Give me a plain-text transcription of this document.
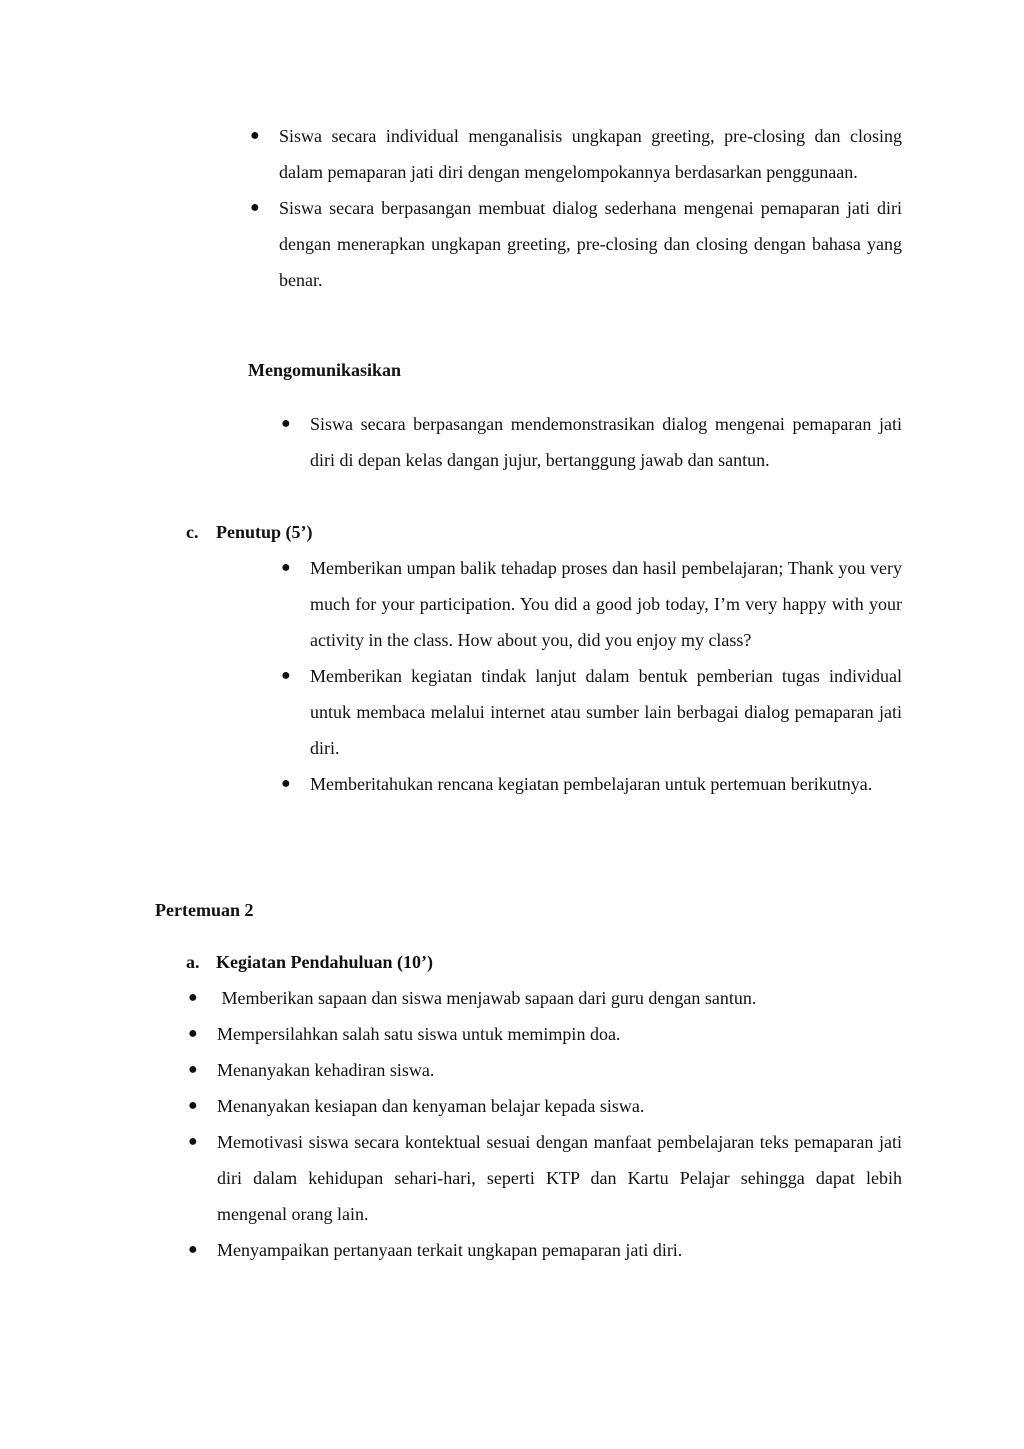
● Siswa secara individual menganalisis ungkapan greeting, pre-closing dan closing dalam pemaparan jati diri dengan mengelompokannya berdasarkan penggunaan.
● Siswa secara berpasangan membuat dialog sederhana mengenai pemaparan jati diri dengan menerapkan ungkapan greeting, pre-closing dan closing dengan bahasa yang benar.
Mengomunikasikan
● Siswa secara berpasangan mendemonstrasikan dialog mengenai pemaparan jati diri di depan kelas dangan jujur, bertanggung jawab dan santun.
c. Penutup (5’)
● Memberikan umpan balik tehadap proses dan hasil pembelajaran; Thank you very much for your participation. You did a good job today, I’m very happy with your activity in the class. How about you, did you enjoy my class?
● Memberikan kegiatan tindak lanjut dalam bentuk pemberian tugas individual untuk membaca melalui internet atau sumber lain berbagai dialog pemaparan jati diri.
● Memberitahukan rencana kegiatan pembelajaran untuk pertemuan berikutnya.
Pertemuan 2
a. Kegiatan Pendahuluan (10’)
● Memberikan sapaan dan siswa menjawab sapaan dari guru dengan santun.
● Mempersilahkan salah satu siswa untuk memimpin doa.
● Menanyakan kehadiran siswa.
● Menanyakan kesiapan dan kenyaman belajar kepada siswa.
● Memotivasi siswa secara kontektual sesuai dengan manfaat pembelajaran teks pemaparan jati diri dalam kehidupan sehari-hari, seperti KTP dan Kartu Pelajar sehingga dapat lebih mengenal orang lain.
● Menyampaikan pertanyaan terkait ungkapan pemaparan jati diri.
